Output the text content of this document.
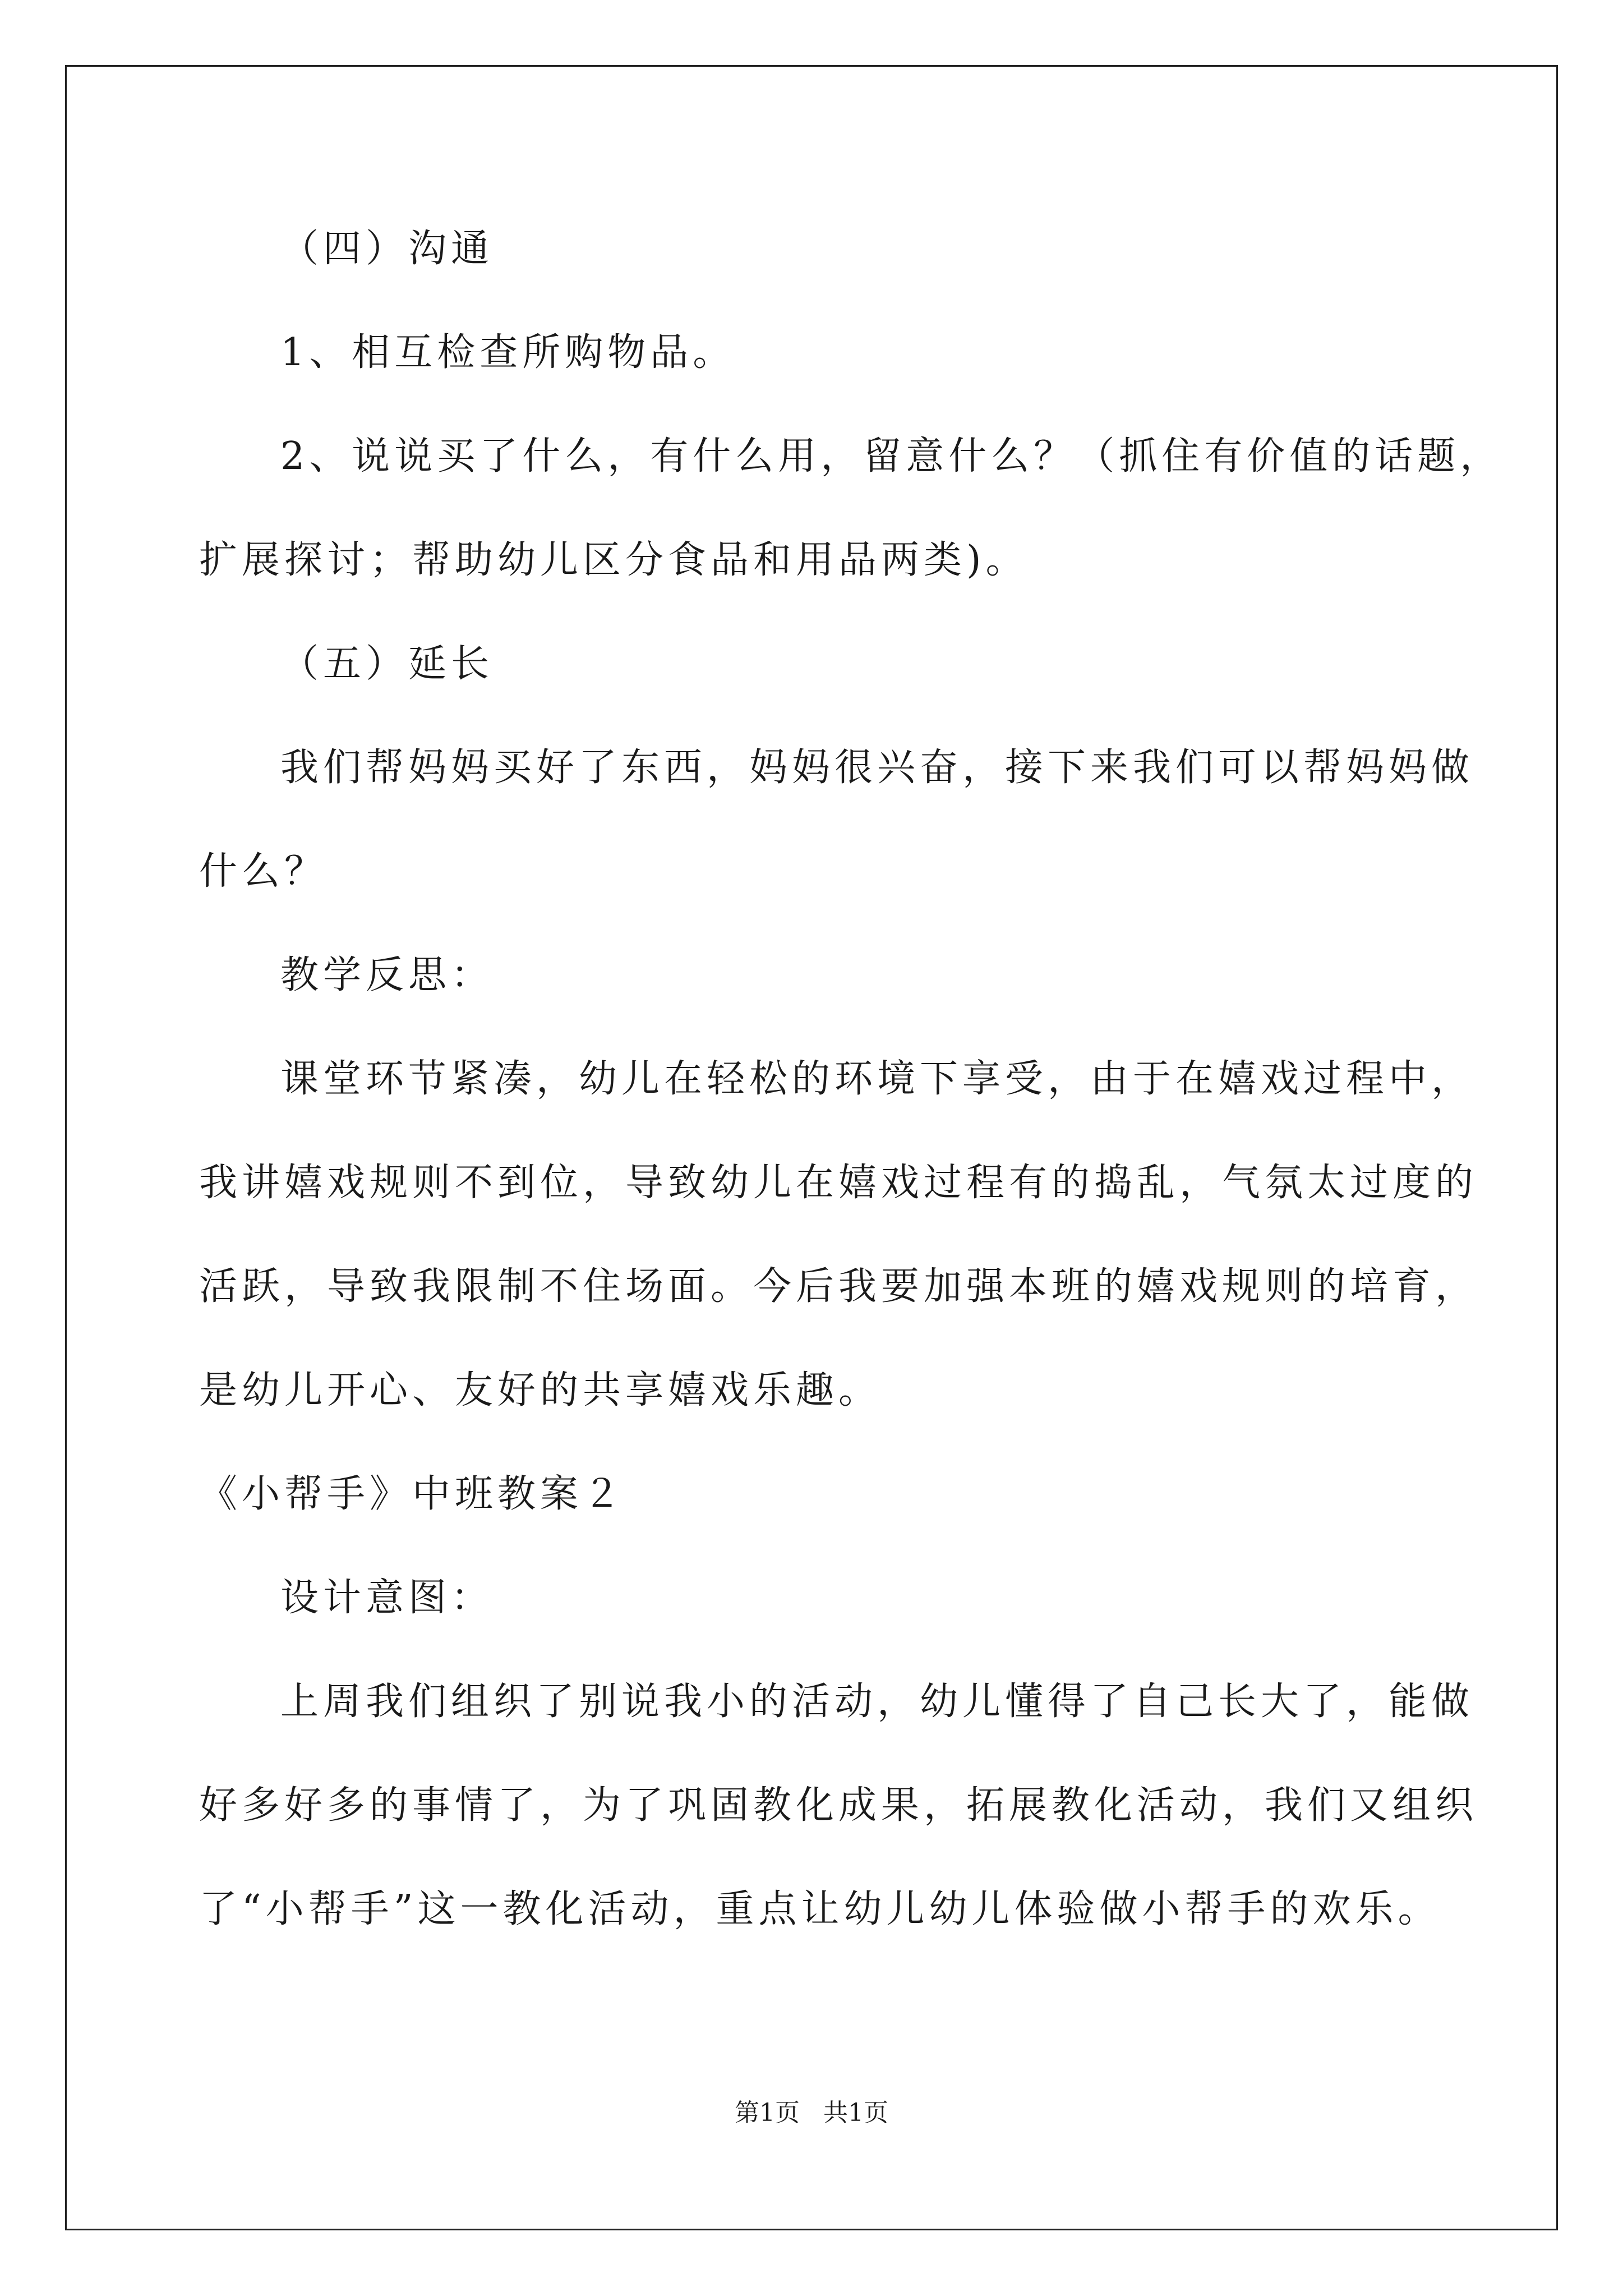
（四）沟通
1、相互检查所购物品。
2、说说买了什么，有什么用，留意什么？（抓住有价值的话题，
扩展探讨；帮助幼儿区分食品和用品两类)。
（五）延长
我们帮妈妈买好了东西，妈妈很兴奋，接下来我们可以帮妈妈做
什么？
教学反思：
课堂环节紧凑，幼儿在轻松的环境下享受，由于在嬉戏过程中，
我讲嬉戏规则不到位，导致幼儿在嬉戏过程有的捣乱，气氛太过度的
活跃，导致我限制不住场面。今后我要加强本班的嬉戏规则的培育，
是幼儿开心、友好的共享嬉戏乐趣。
《小帮手》中班教案２
设计意图：
上周我们组织了别说我小的活动，幼儿懂得了自己长大了，能做
好多好多的事情了，为了巩固教化成果，拓展教化活动，我们又组织
了“小帮手”这一教化活动，重点让幼儿幼儿体验做小帮手的欢乐。
第1页   共1页
